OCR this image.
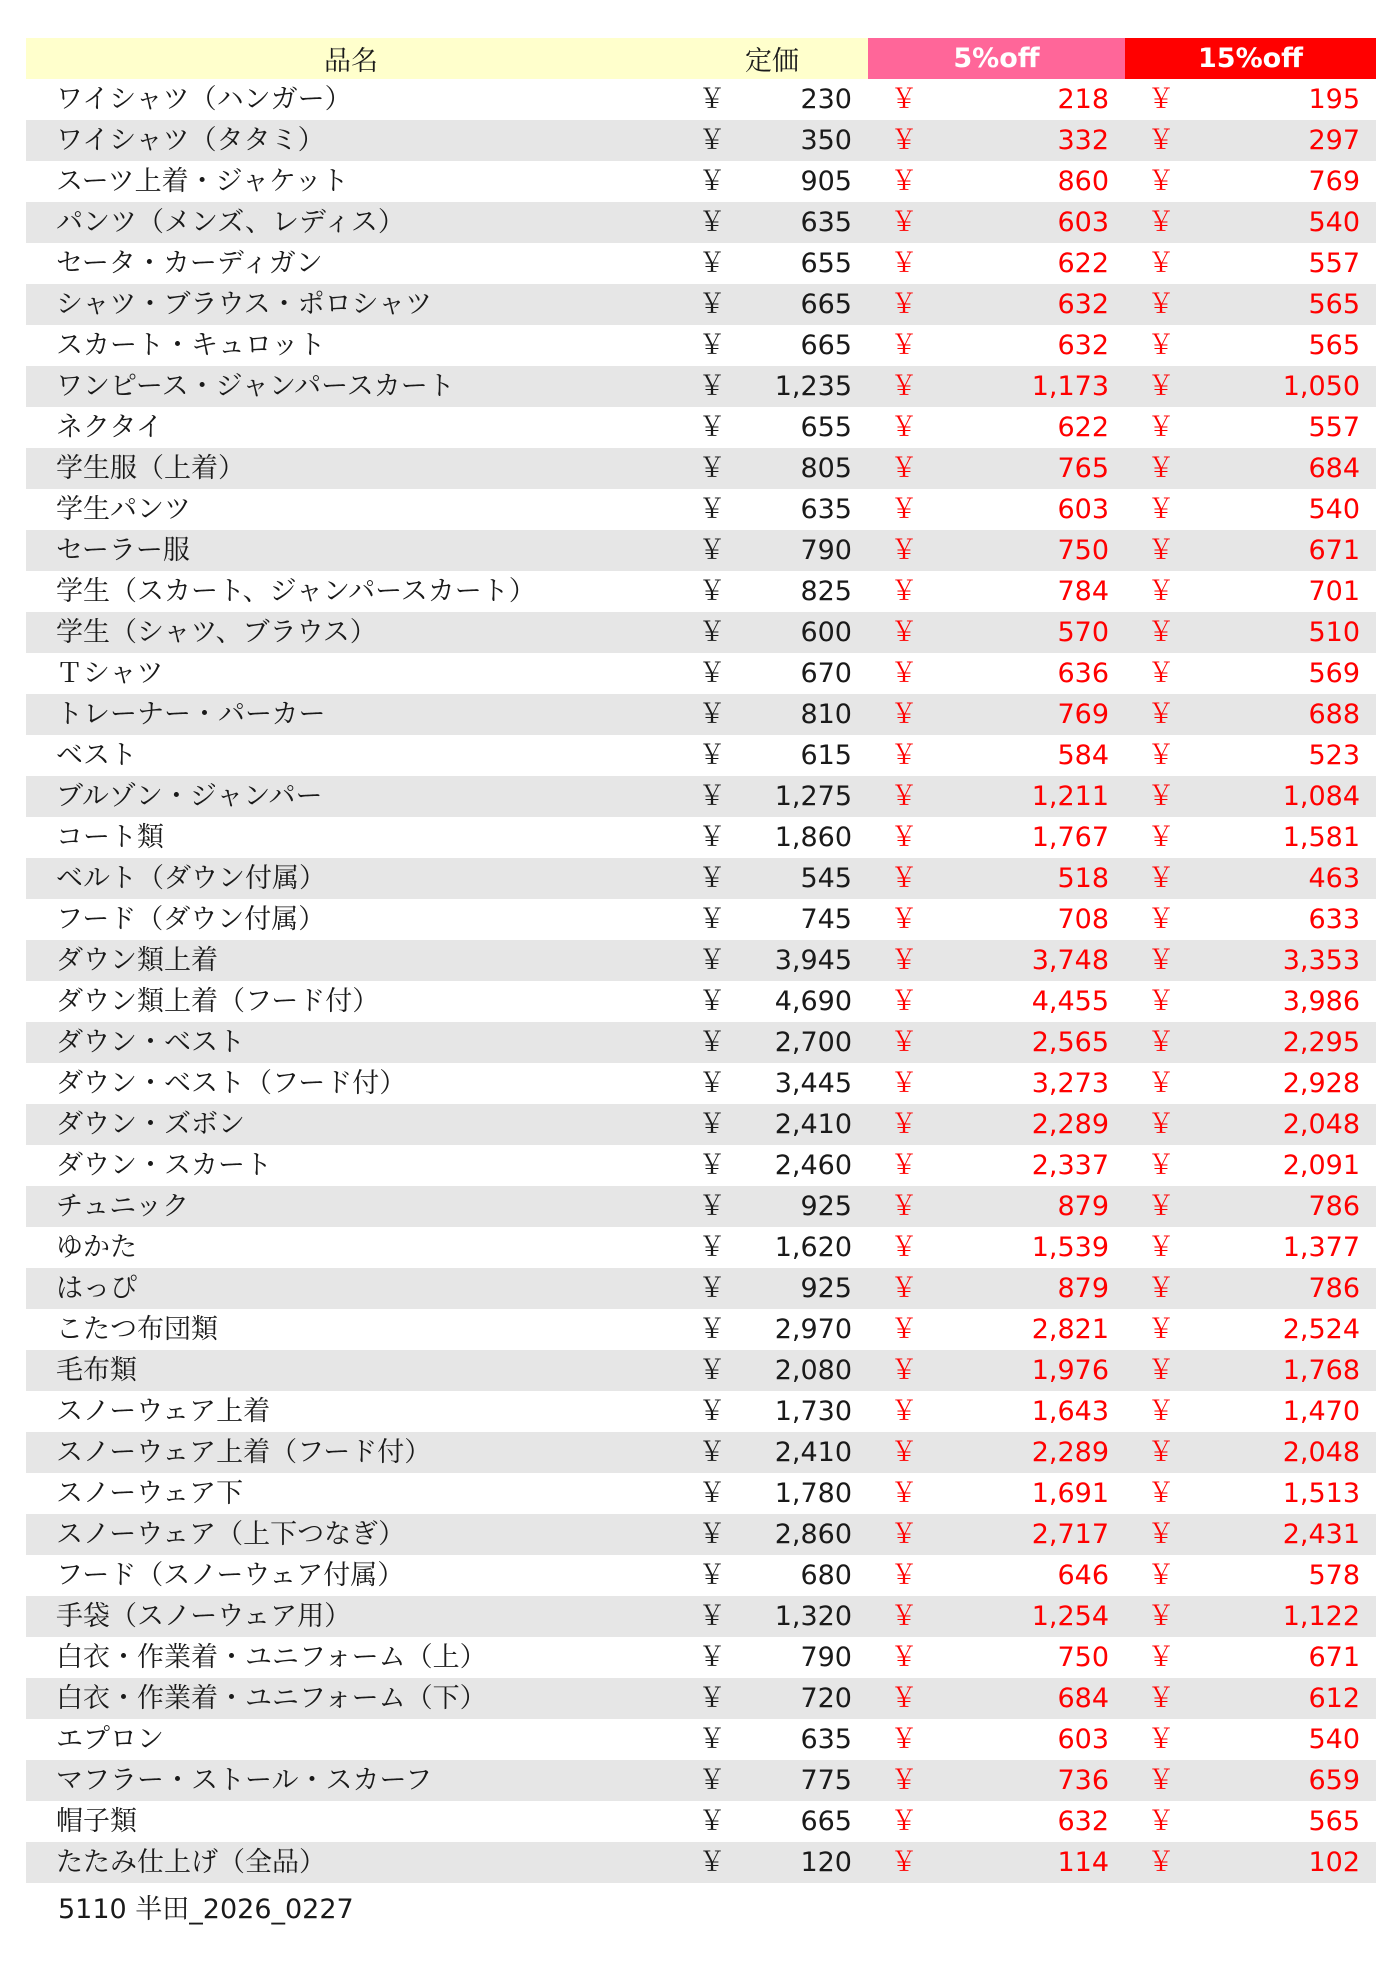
品名	定価		5%off		15%off	
ワイシャツ（ハンガー）	￥	230	￥	218	￥	195
ワイシャツ（タタミ）	￥	350	￥	332	￥	297
スーツ上着・ジャケット	￥	905	￥	860	￥	769
パンツ（メンズ、レディス）	￥	635	￥	603	￥	540
セータ・カーディガン	￥	655	￥	622	￥	557
シャツ・ブラウス・ポロシャツ	￥	665	￥	632	￥	565
スカート・キュロット	￥	665	￥	632	￥	565
ワンピース・ジャンパースカート	￥	1,235	￥	1,173	￥	1,050
ネクタイ	￥	655	￥	622	￥	557
学生服（上着）	￥	805	￥	765	￥	684
学生パンツ	￥	635	￥	603	￥	540
セーラー服	￥	790	￥	750	￥	671
学生（スカート、ジャンパースカート）	￥	825	￥	784	￥	701
学生（シャツ、ブラウス）	￥	600	￥	570	￥	510
Ｔシャツ	￥	670	￥	636	￥	569
トレーナー・パーカー	￥	810	￥	769	￥	688
ベスト	￥	615	￥	584	￥	523
ブルゾン・ジャンパー	￥	1,275	￥	1,211	￥	1,084
コート類	￥	1,860	￥	1,767	￥	1,581
ベルト（ダウン付属）	￥	545	￥	518	￥	463
フード（ダウン付属）	￥	745	￥	708	￥	633
ダウン類上着	￥	3,945	￥	3,748	￥	3,353
ダウン類上着（フード付）	￥	4,690	￥	4,455	￥	3,986
ダウン・ベスト	￥	2,700	￥	2,565	￥	2,295
ダウン・ベスト（フード付）	￥	3,445	￥	3,273	￥	2,928
ダウン・ズボン	￥	2,410	￥	2,289	￥	2,048
ダウン・スカート	￥	2,460	￥	2,337	￥	2,091
チュニック	￥	925	￥	879	￥	786
ゆかた	￥	1,620	￥	1,539	￥	1,377
はっぴ	￥	925	￥	879	￥	786
こたつ布団類	￥	2,970	￥	2,821	￥	2,524
毛布類	￥	2,080	￥	1,976	￥	1,768
スノーウェア上着	￥	1,730	￥	1,643	￥	1,470
スノーウェア上着（フード付）	￥	2,410	￥	2,289	￥	2,048
スノーウェア下	￥	1,780	￥	1,691	￥	1,513
スノーウェア（上下つなぎ）	￥	2,860	￥	2,717	￥	2,431
フード（スノーウェア付属）	￥	680	￥	646	￥	578
手袋（スノーウェア用）	￥	1,320	￥	1,254	￥	1,122
白衣・作業着・ユニフォーム（上）	￥	790	￥	750	￥	671
白衣・作業着・ユニフォーム（下）	￥	720	￥	684	￥	612
エプロン	￥	635	￥	603	￥	540
マフラー・ストール・スカーフ	￥	775	￥	736	￥	659
帽子類	￥	665	￥	632	￥	565
たたみ仕上げ（全品）	￥	120	￥	114	￥	102
5110 半田_2026_0227
